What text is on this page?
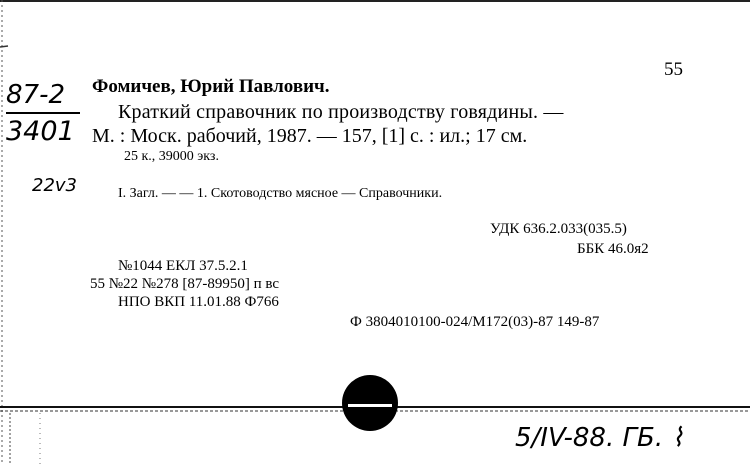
55
87-2
3401
22v3
Фомичев, Юрий Павлович.
Краткий справочник по производству говядины. —
М. : Моск. рабочий, 1987. — 157, [1] с. : ил.; 17 см.
25 к., 39000 экз.
I. Загл. — — 1. Скотоводство мясное — Справочники.
УДК 636.2.033(035.5)
ББК 46.0я2
№1044 ЕКЛ 37.5.2.1
55 №22 №278 [87-89950] п вс
НПО ВКП 11.01.88 Ф766
Ф 3804010100-024/М172(03)-87 149-87
5/IV-88. ГБ. ⌇
